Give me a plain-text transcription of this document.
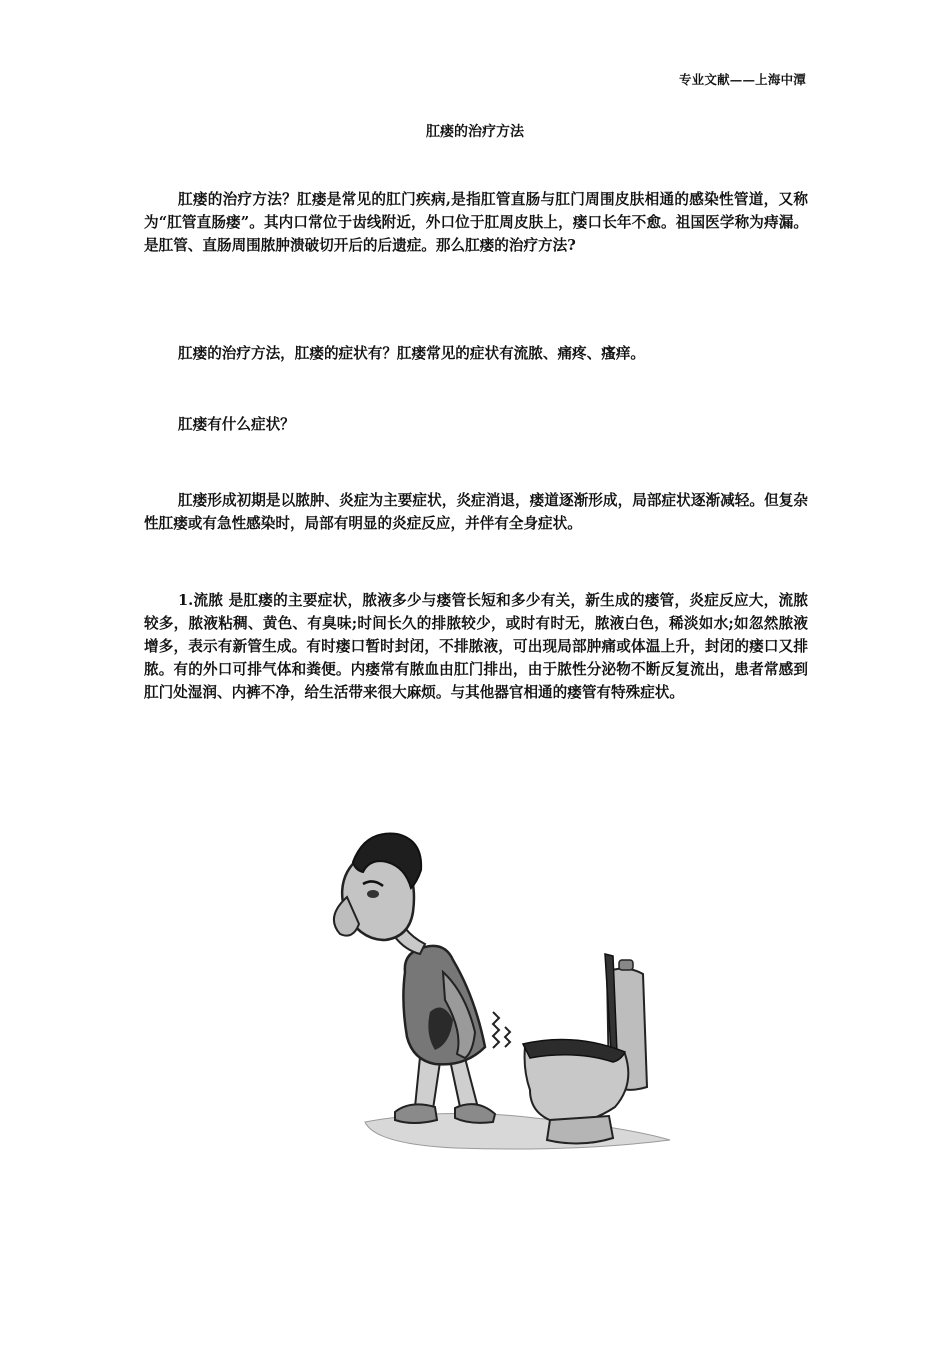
专业文献——上海中潭
肛瘘的治疗方法

肛瘘的治疗方法？肛瘘是常见的肛门疾病,是指肛管直肠与肛门周围皮肤相通的感染性管道，又称为“肛管直肠瘘”。其内口常位于齿线附近，外口位于肛周皮肤上，瘘口长年不愈。祖国医学称为痔漏。是肛管、直肠周围脓肿溃破切开后的后遗症。那么肛瘘的治疗方法?

肛瘘的治疗方法，肛瘘的症状有？肛瘘常见的症状有流脓、痛疼、瘙痒。

肛瘘有什么症状？

肛瘘形成初期是以脓肿、炎症为主要症状，炎症消退，瘘道逐渐形成，局部症状逐渐减轻。但复杂性肛瘘或有急性感染时，局部有明显的炎症反应，并伴有全身症状。

1.流脓 是肛瘘的主要症状，脓液多少与瘘管长短和多少有关，新生成的瘘管，炎症反应大，流脓较多，脓液粘稠、黄色、有臭味;时间长久的排脓较少，或时有时无，脓液白色，稀淡如水;如忽然脓液增多，表示有新管生成。有时瘘口暂时封闭，不排脓液，可出现局部肿痛或体温上升，封闭的瘘口又排脓。有的外口可排气体和粪便。内瘘常有脓血由肛门排出，由于脓性分泌物不断反复流出，患者常感到肛门处湿润、内裤不净，给生活带来很大麻烦。与其他器官相通的瘘管有特殊症状。
